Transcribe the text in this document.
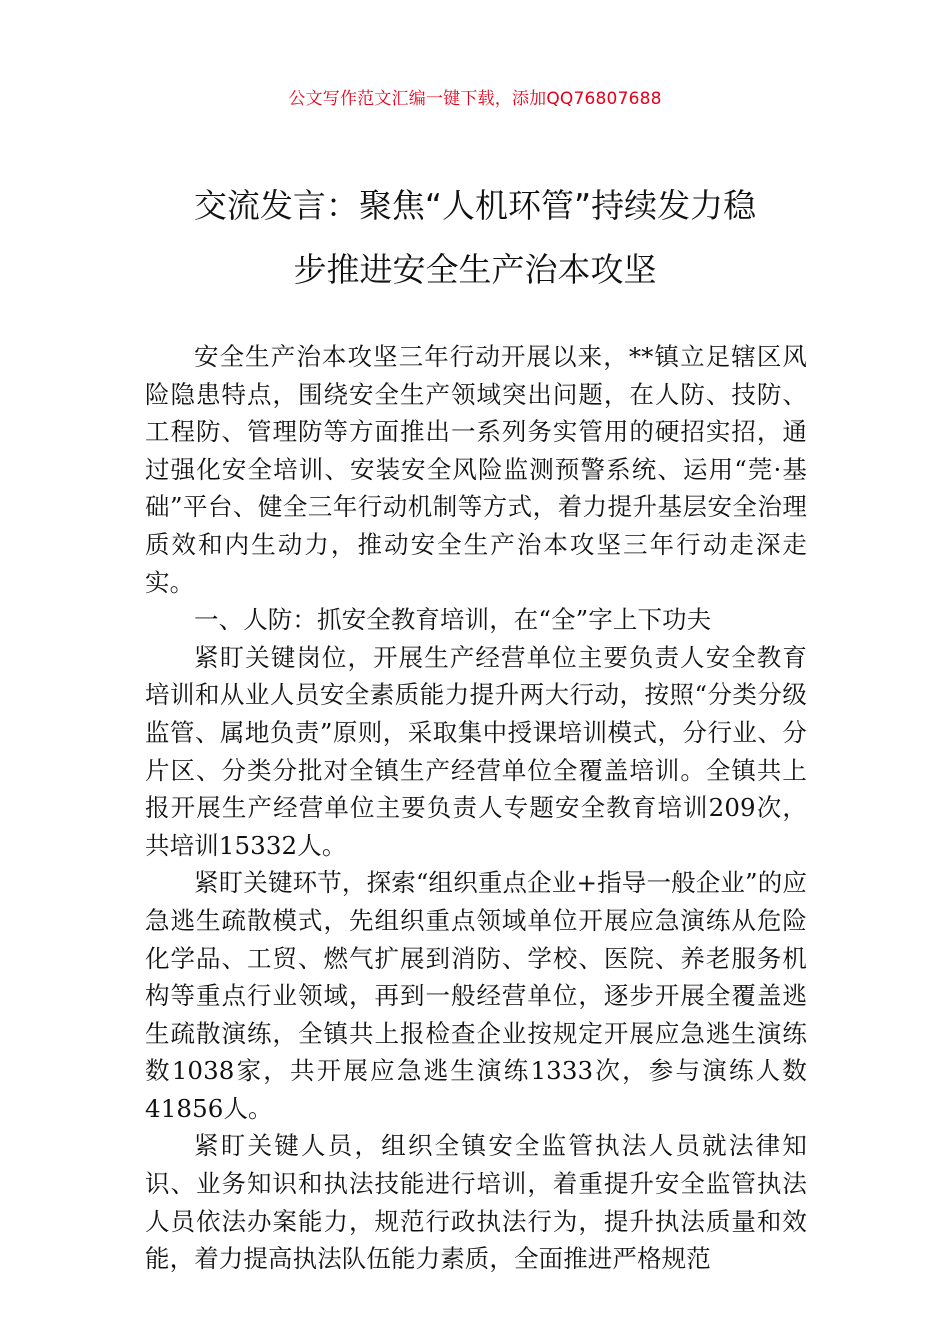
公文写作范文汇编一键下载，添加QQ76807688
交流发言：聚焦“人机环管”持续发力稳
步推进安全生产治本攻坚

安全生产治本攻坚三年行动开展以来，**镇立足辖区风险隐患特点，围绕安全生产领域突出问题，在人防、技防、工程防、管理防等方面推出一系列务实管用的硬招实招，通过强化安全培训、安装安全风险监测预警系统、运用“莞·基础”平台、健全三年行动机制等方式，着力提升基层安全治理质效和内生动力，推动安全生产治本攻坚三年行动走深走实。

一、人防：抓安全教育培训，在“全”字上下功夫

紧盯关键岗位，开展生产经营单位主要负责人安全教育培训和从业人员安全素质能力提升两大行动，按照“分类分级监管、属地负责”原则，采取集中授课培训模式，分行业、分片区、分类分批对全镇生产经营单位全覆盖培训。全镇共上报开展生产经营单位主要负责人专题安全教育培训209次，共培训15332人。

紧盯关键环节，探索“组织重点企业+指导一般企业”的应急逃生疏散模式，先组织重点领域单位开展应急演练从危险化学品、工贸、燃气扩展到消防、学校、医院、养老服务机构等重点行业领域，再到一般经营单位，逐步开展全覆盖逃生疏散演练，全镇共上报检查企业按规定开展应急逃生演练数1038家，共开展应急逃生演练1333次，参与演练人数41856人。

紧盯关键人员，组织全镇安全监管执法人员就法律知识、业务知识和执法技能进行培训，着重提升安全监管执法人员依法办案能力，规范行政执法行为，提升执法质量和效能，着力提高执法队伍能力素质，全面推进严格规范
